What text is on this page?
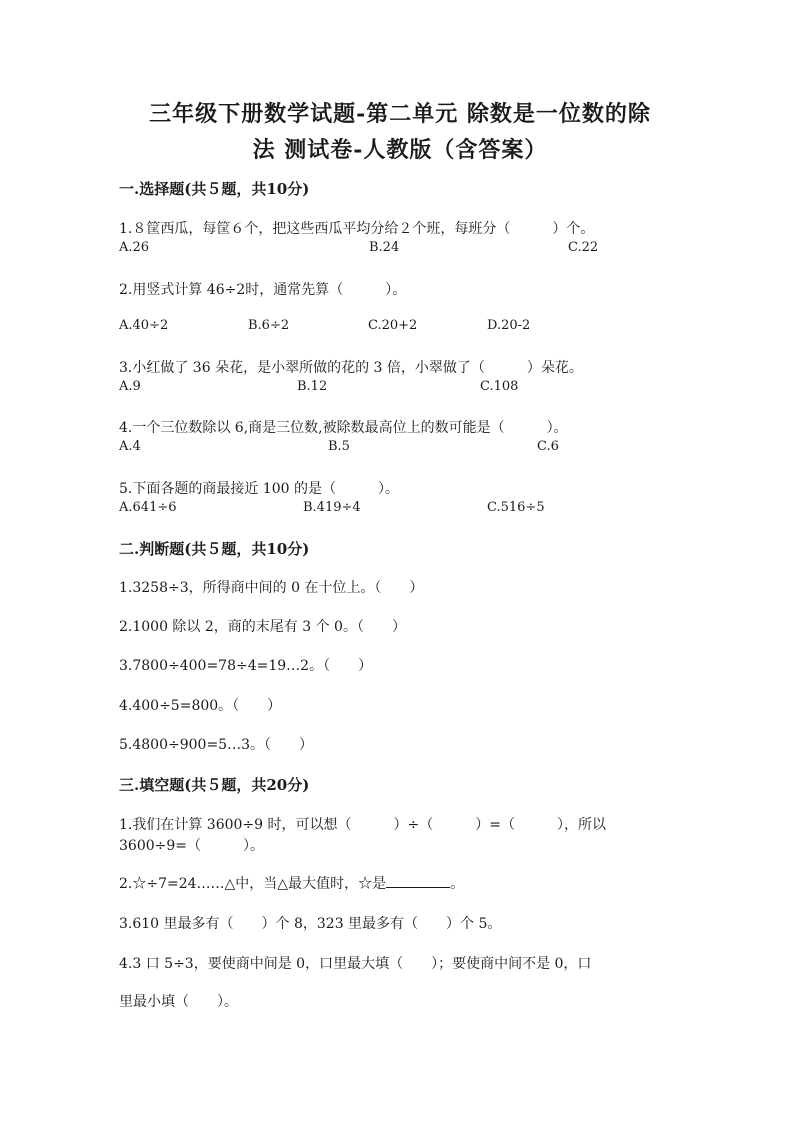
三年级下册数学试题-第二单元 除数是一位数的除
法 测试卷-人教版（含答案）
一.选择题(共５题，共10分)
1.８筐西瓜，每筐６个，把这些西瓜平均分给２个班，每班分（　　　）个。
A.26	B.24	C.22
2.用竖式计算 46÷2时，通常先算（　　　）。
A.40÷2	B.6÷2	C.20+2	D.20-2
3.小红做了 36 朵花，是小翠所做的花的 3 倍，小翠做了（　　　）朵花。
A.9	B.12	C.108
4.一个三位数除以 6,商是三位数,被除数最高位上的数可能是（　　　）。
A.4	B.5	C.6
5.下面各题的商最接近 100 的是（　　　）。
A.641÷6	B.419÷4	C.516÷5
二.判断题(共５题，共10分)
1.3258÷3，所得商中间的 0 在十位上。（　　）
2.1000 除以 2，商的末尾有 3 个 0。（　　）
3.7800÷400=78÷4=19…2。（　　）
4.400÷5=800。（　　）
5.4800÷900=5…3。（　　）
三.填空题(共５题，共20分)
1.我们在计算 3600÷9 时，可以想（　　　）÷（　　　）=（　　　），所以
3600÷9=（　　　）。
2.☆÷7=24……△中，当△最大值时，☆是	。
3.610 里最多有（　　）个 8，323 里最多有（　　）个 5。
4.3 口 5÷3，要使商中间是 0，口里最大填（　　）；要使商中间不是 0，口
里最小填（　　）。
